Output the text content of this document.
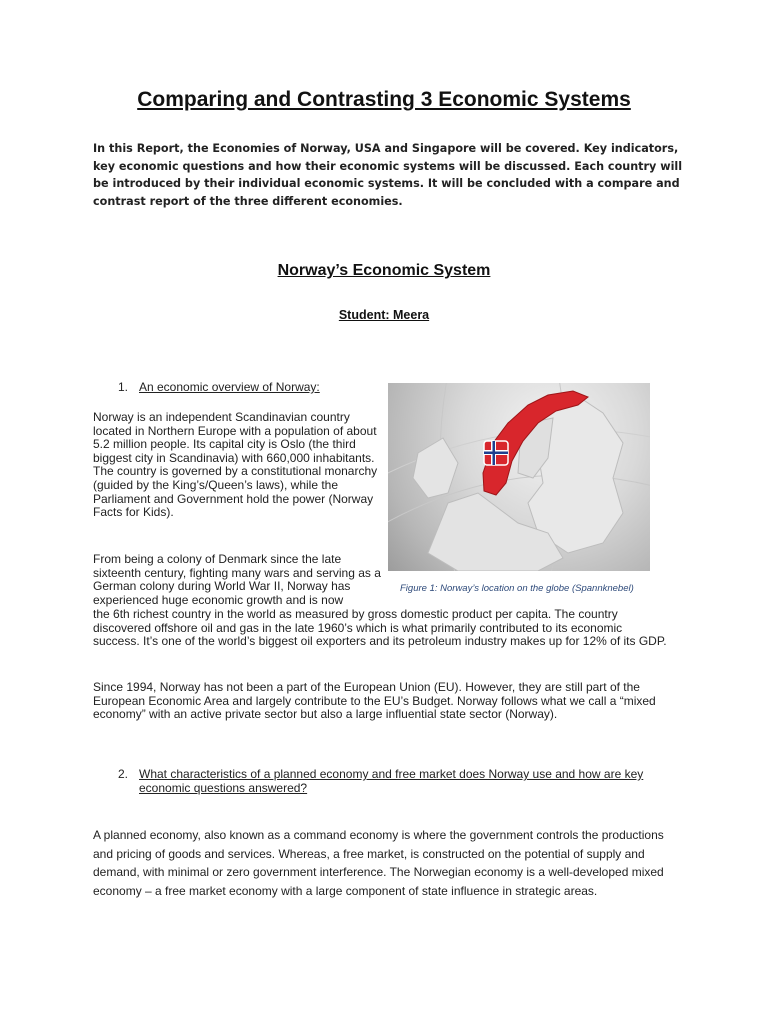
Comparing and Contrasting 3 Economic Systems

In this Report, the Economies of Norway, USA and Singapore will be covered. Key indicators, key economic questions and how their economic systems will be discussed. Each country will be introduced by their individual economic systems. It will be concluded with a compare and contrast report of the three different economies.

Norway’s Economic System

Student: Meera

1. An economic overview of Norway:

Norway is an independent Scandinavian country located in Northern Europe with a population of about 5.2 million people. Its capital city is Oslo (the third biggest city in Scandinavia) with 660,000 inhabitants. The country is governed by a constitutional monarchy (guided by the King’s/Queen’s laws), while the Parliament and Government hold the power (Norway Facts for Kids).

Figure 1: Norway’s location on the globe (Spannknebel)

From being a colony of Denmark since the late sixteenth century, fighting many wars and serving as a German colony during World War II, Norway has experienced huge economic growth and is now

the 6th richest country in the world as measured by gross domestic product per capita. The country discovered offshore oil and gas in the late 1960’s which is what primarily contributed to its economic success. It’s one of the world’s biggest oil exporters and its petroleum industry makes up for 12% of its GDP.

Since 1994, Norway has not been a part of the European Union (EU). However, they are still part of the European Economic Area and largely contribute to the EU’s Budget. Norway follows what we call a “mixed economy” with an active private sector but also a large influential state sector (Norway).

2. What characteristics of a planned economy and free market does Norway use and how are key economic questions answered?

A planned economy, also known as a command economy is where the government controls the productions and pricing of goods and services. Whereas, a free market, is constructed on the potential of supply and demand, with minimal or zero government interference. The Norwegian economy is a well-developed mixed economy – a free market economy with a large component of state influence in strategic areas.
